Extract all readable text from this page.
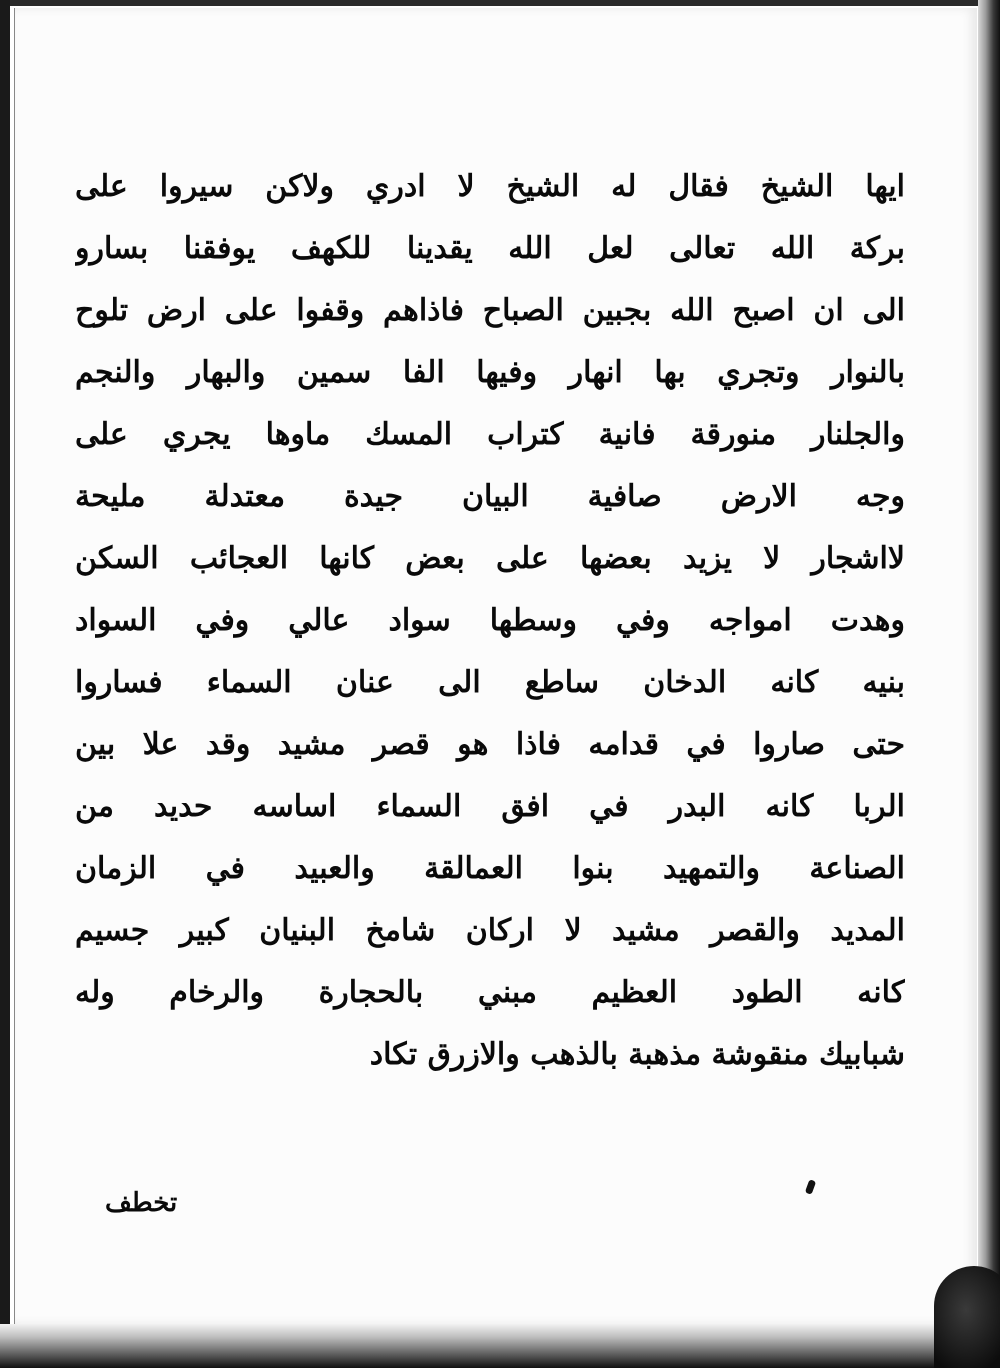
ايها الشيخ فقال له الشيخ لا ادري ولاكن سيروا على
بركة الله تعالى لعل الله يقدينا للكهف يوفقنا بسارو
الى ان اصبح الله بجبين الصباح فاذاهم وقفوا على ارض تلوح
بالنوار وتجري بها انهار وفيها الفا سمين والبهار والنجم
والجلنار منورقة فانية كتراب المسك ماوها يجري على
وجه الارض صافية البيان جيدة معتدلة مليحة
لااشجار لا يزيد بعضها على بعض كانها العجائب السكن
وهدت امواجه وفي وسطها سواد عالي وفي السواد
بنيه كانه الدخان ساطع الى عنان السماء فساروا
حتى صاروا في قدامه فاذا هو قصر مشيد وقد علا بين
الربا كانه البدر في افق السماء اساسه حديد من
الصناعة والتمهيد بنوا العمالقة والعبيد في الزمان
المديد والقصر مشيد لا اركان شامخ البنيان كبير جسيم
كانه الطود العظيم مبني بالحجارة والرخام وله
شبابيك منقوشة مذهبة بالذهب والازرق تكاد
تخطف
